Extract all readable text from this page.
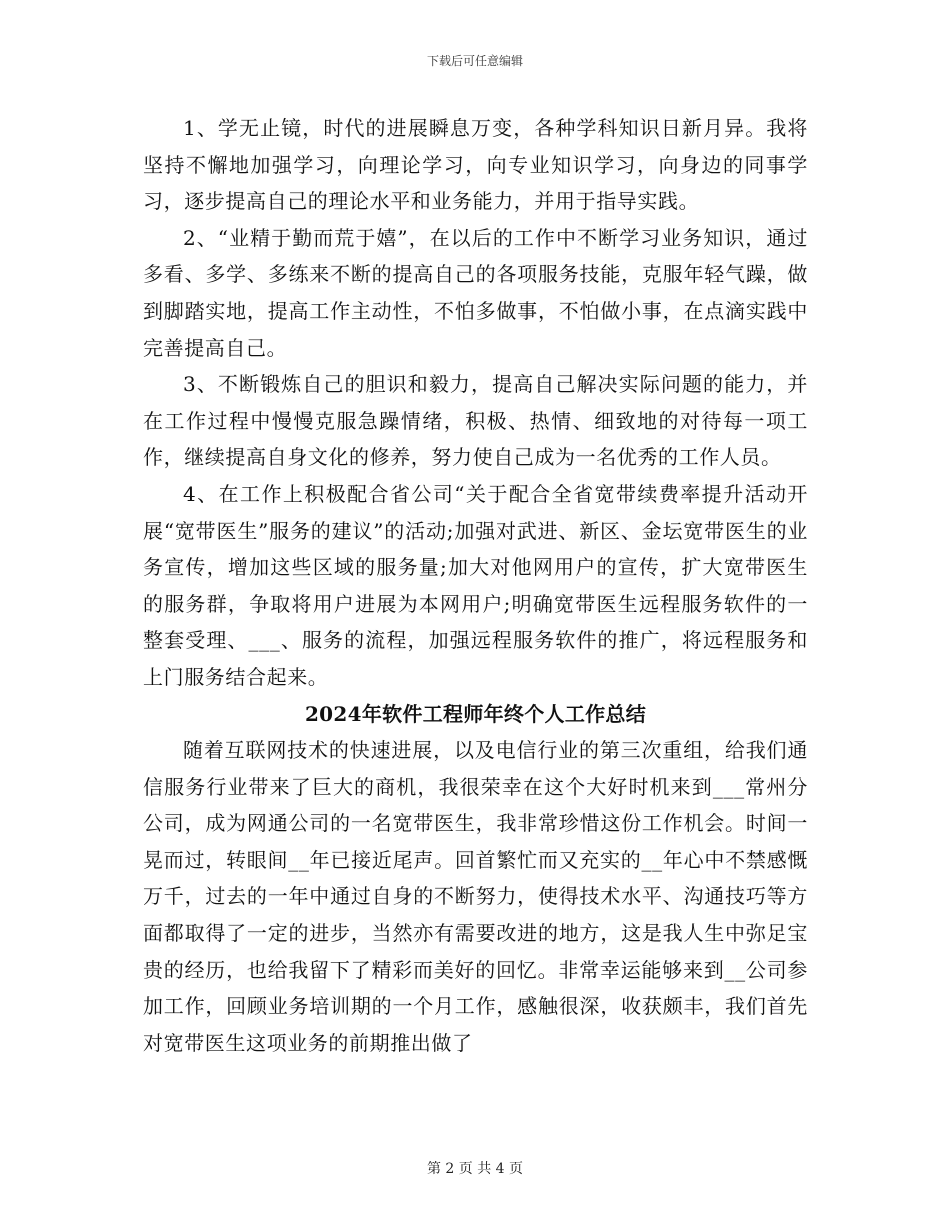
下载后可任意编辑

1、学无止镜，时代的进展瞬息万变，各种学科知识日新月异。我将坚持不懈地加强学习，向理论学习，向专业知识学习，向身边的同事学习，逐步提高自己的理论水平和业务能力，并用于指导实践。

2、“业精于勤而荒于嬉”，在以后的工作中不断学习业务知识，通过多看、多学、多练来不断的提高自己的各项服务技能，克服年轻气躁，做到脚踏实地，提高工作主动性，不怕多做事，不怕做小事，在点滴实践中完善提高自己。

3、不断锻炼自己的胆识和毅力，提高自己解决实际问题的能力，并在工作过程中慢慢克服急躁情绪，积极、热情、细致地的对待每一项工作，继续提高自身文化的修养，努力使自己成为一名优秀的工作人员。

4、在工作上积极配合省公司“关于配合全省宽带续费率提升活动开展“宽带医生”服务的建议”的活动;加强对武进、新区、金坛宽带医生的业务宣传，增加这些区域的服务量;加大对他网用户的宣传，扩大宽带医生的服务群，争取将用户进展为本网用户;明确宽带医生远程服务软件的一整套受理、___、服务的流程，加强远程服务软件的推广，将远程服务和上门服务结合起来。

2024年软件工程师年终个人工作总结

随着互联网技术的快速进展，以及电信行业的第三次重组，给我们通信服务行业带来了巨大的商机，我很荣幸在这个大好时机来到___常州分公司，成为网通公司的一名宽带医生，我非常珍惜这份工作机会。时间一晃而过，转眼间__年已接近尾声。回首繁忙而又充实的__年心中不禁感慨万千，过去的一年中通过自身的不断努力，使得技术水平、沟通技巧等方面都取得了一定的进步，当然亦有需要改进的地方，这是我人生中弥足宝贵的经历，也给我留下了精彩而美好的回忆。非常幸运能够来到__公司参加工作，回顾业务培训期的一个月工作，感触很深，收获颇丰，我们首先对宽带医生这项业务的前期推出做了

第 2 页 共 4 页
